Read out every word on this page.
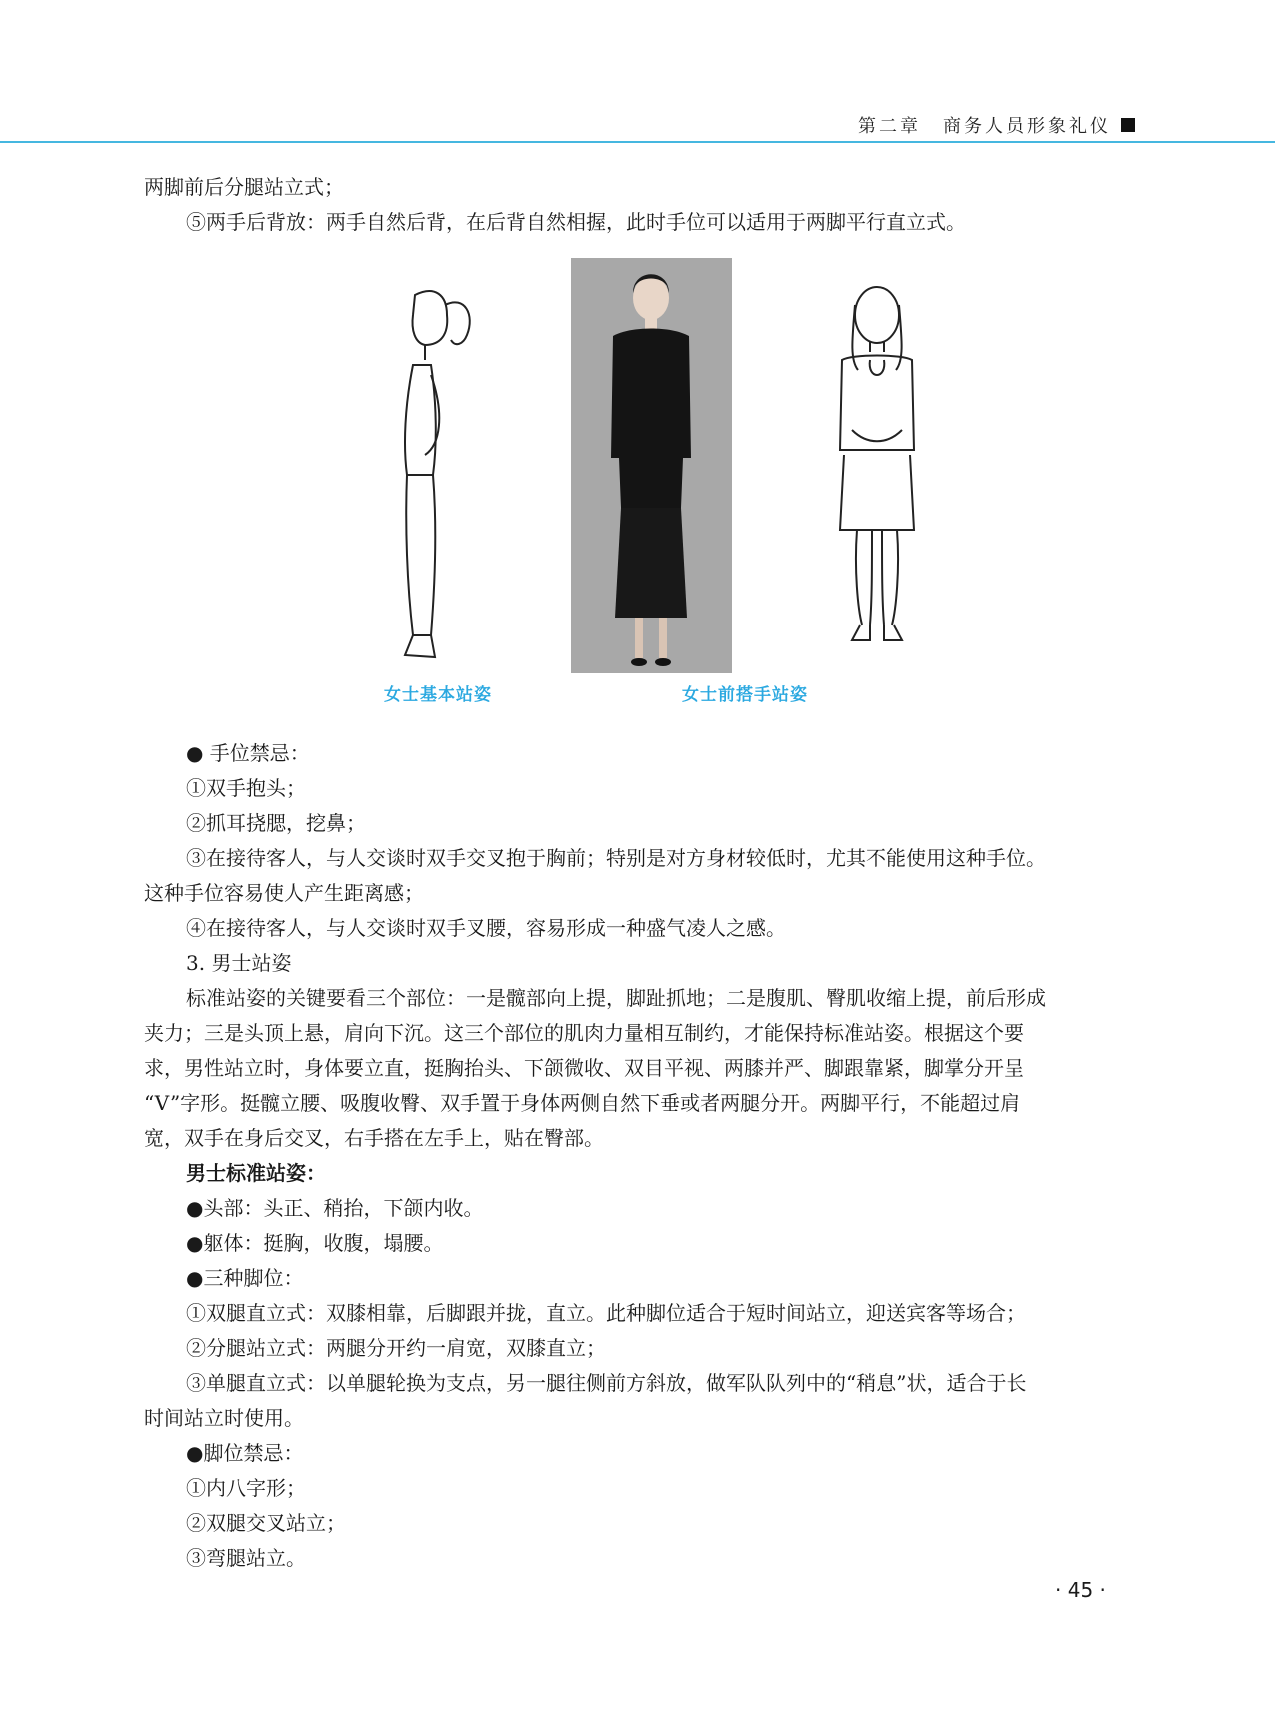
第二章 商务人员形象礼仪

两脚前后分腿站立式；

⑤两手后背放：两手自然后背，在后背自然相握，此时手位可以适用于两脚平行直立式。

女士基本站姿	女士前搭手站姿

● 手位禁忌：

①双手抱头；

②抓耳挠腮，挖鼻；

③在接待客人，与人交谈时双手交叉抱于胸前；特别是对方身材较低时，尤其不能使用这种手位。

这种手位容易使人产生距离感；

④在接待客人，与人交谈时双手叉腰，容易形成一种盛气凌人之感。

3. 男士站姿

标准站姿的关键要看三个部位：一是髋部向上提，脚趾抓地；二是腹肌、臀肌收缩上提，前后形成

夹力；三是头顶上悬，肩向下沉。这三个部位的肌肉力量相互制约，才能保持标准站姿。根据这个要

求，男性站立时，身体要立直，挺胸抬头、下颌微收、双目平视、两膝并严、脚跟靠紧，脚掌分开呈

“V”字形。挺髋立腰、吸腹收臀、双手置于身体两侧自然下垂或者两腿分开。两脚平行，不能超过肩

宽，双手在身后交叉，右手搭在左手上，贴在臀部。

男士标准站姿：

●头部：头正、稍抬，下颌内收。

●躯体：挺胸，收腹，塌腰。

●三种脚位：

①双腿直立式：双膝相靠，后脚跟并拢，直立。此种脚位适合于短时间站立，迎送宾客等场合；

②分腿站立式：两腿分开约一肩宽，双膝直立；

③单腿直立式：以单腿轮换为支点，另一腿往侧前方斜放，做军队队列中的“稍息”状，适合于长

时间站立时使用。

●脚位禁忌：

①内八字形；

②双腿交叉站立；

③弯腿站立。

· 45 ·
